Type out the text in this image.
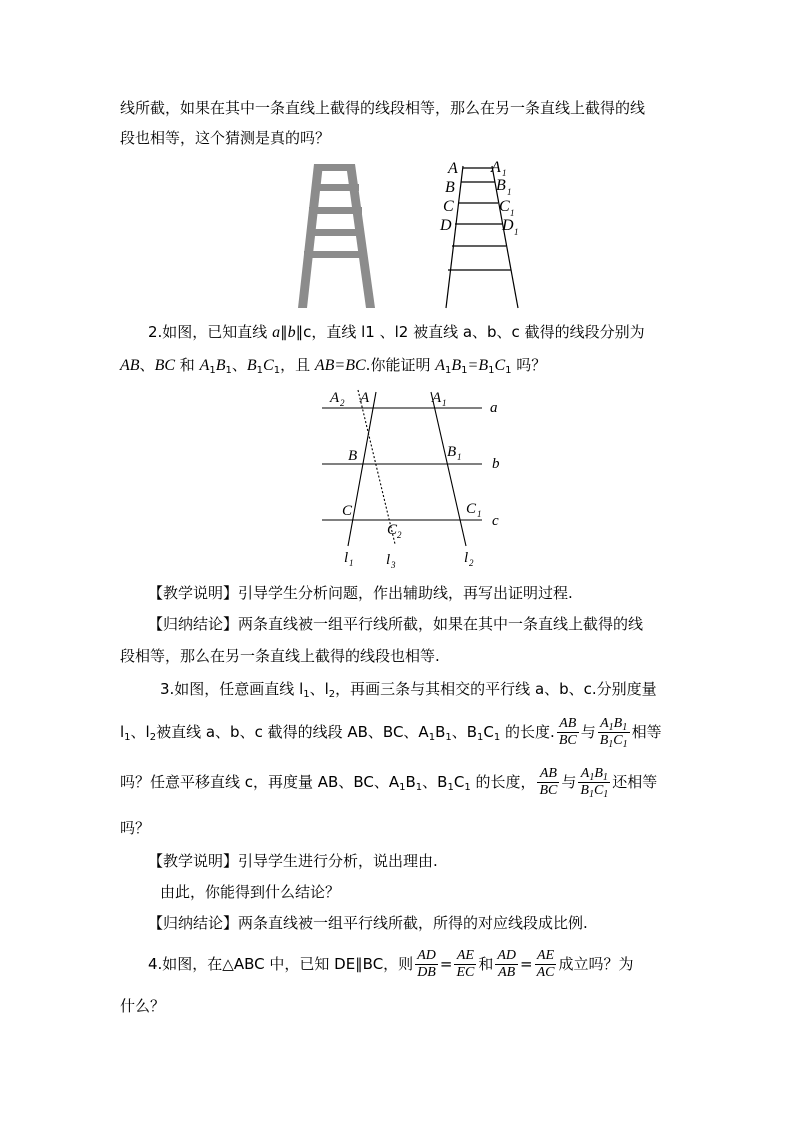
线所截，如果在其中一条直线上截得的线段相等，那么在另一条直线上截得的线
段也相等，这个猜测是真的吗？
A
B
C
D
A 1
B 1
C 1
D 1
2.如图，已知直线 a∥b∥c，直线 l1 、l2 被直线 a、b、c 截得的线段分别为
AB、BC 和 $A_1B_1$、$B_1C_1$，且 AB=BC.你能证明 $A_1B_1=B_1C_1$ 吗？
A 2 A	A 1	a
B	B 1 b
C
C 2
C 1 c
l 1 l 3	l 2
【教学说明】引导学生分析问题，作出辅助线，再写出证明过程.
【归纳结论】两条直线被一组平行线所截，如果在其中一条直线上截得的线
段相等，那么在另一条直线上截得的线段也相等.
3.如图，任意画直线 $l_1$、$l_2$，再画三条与其相交的平行线 a、b、c.分别度量
$l_1$、$l_2$被直线 a、b、c 截得的线段 AB、BC、$A_1B_1$、$B_1C_1$ 的长度. $\frac{AB}{BC}$ 与 $\frac{A_1B_1}{B_1C_1}$ 相等
吗？任意平移直线 c，再度量 AB、BC、$A_1B_1$、$B_1C_1$ 的长度， $\frac{AB}{BC}$ 与 $\frac{A_1B_1}{B_1C_1}$ 还相等
吗？
【教学说明】引导学生进行分析，说出理由.
由此，你能得到什么结论？
【归纳结论】两条直线被一组平行线所截，所得的对应线段成比例.
4.如图，在△ABC 中，已知 DE∥BC，则 $\frac{AD}{DB} = \frac{AE}{EC}$ 和 $\frac{AD}{AB} = \frac{AE}{AC}$ 成立吗？为
什么？
